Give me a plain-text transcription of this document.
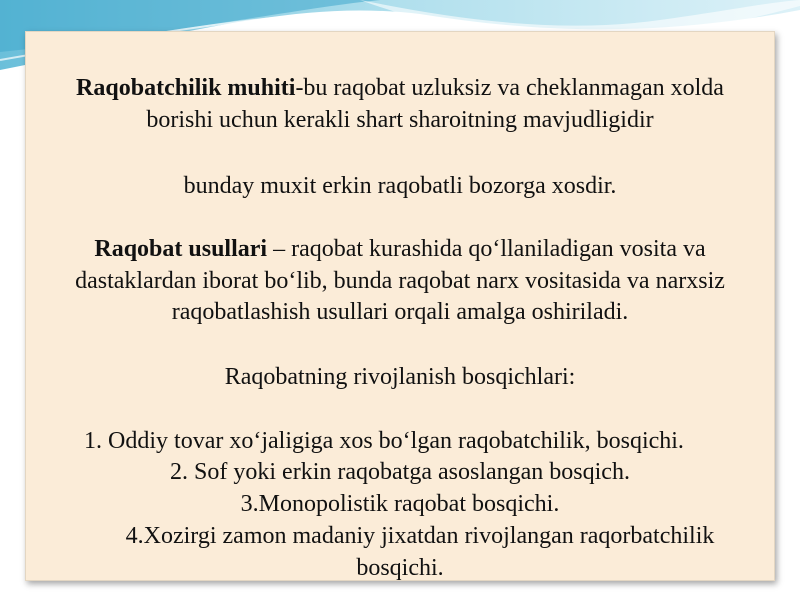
Raqobatchilik muhiti-bu raqobat uzluksiz va cheklanmagan xolda
borishi uchun kerakli shart sharoitning mavjudligidir
bunday muxit erkin raqobatli bozorga xosdir.
Raqobat usullari – raqobat kurashida qo‘llaniladigan vosita va
dastaklardan iborat bo‘lib, bunda raqobat narx vositasida va narxsiz
raqobatlashish usullari orqali amalga oshiriladi.
Raqobatning rivojlanish bosqichlari:
1. Oddiy tovar xo‘jaligiga xos bo‘lgan raqobatchilik, bosqichi.
2. Sof yoki erkin raqobatga asoslangan bosqich.
3.Monopolistik raqobat bosqichi.
4.Xozirgi zamon madaniy jixatdan rivojlangan raqorbatchilik
bosqichi.
